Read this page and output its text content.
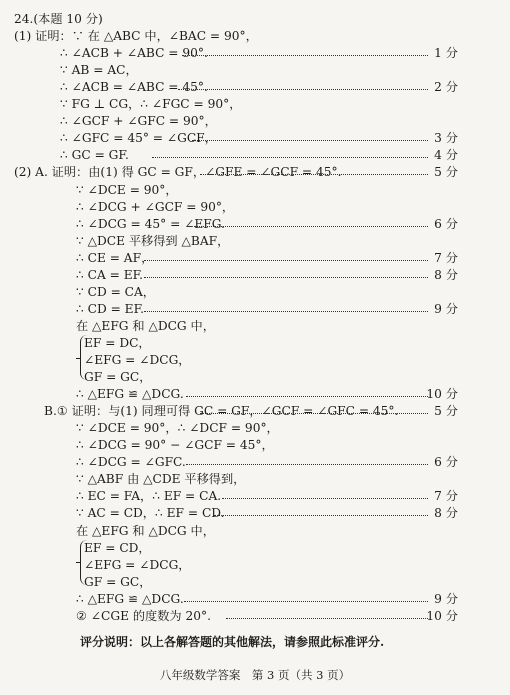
24.(本题 10 分)
(1) 证明：∵ 在 △ABC 中，∠BAC = 90°，
∴ ∠ACB + ∠ABC = 90°.	1 分
∵ AB = AC，
∴ ∠ACB = ∠ABC = 45°.	2 分
∵ FG ⊥ CG，∴ ∠FGC = 90°，
∴ ∠GCF + ∠GFC = 90°，
∴ ∠GFC = 45° = ∠GCF，	3 分
∴ GC = GF.	4 分
(2) A. 证明：由(1) 得 GC = GF，∠GFE = ∠GCF = 45°.	5 分
∵ ∠DCE = 90°，
∴ ∠DCG + ∠GCF = 90°，
∴ ∠DCG = 45° = ∠EFG.	6 分
∵ △DCE 平移得到 △BAF，
∴ CE = AF，	7 分
∴ CA = EF.	8 分
∵ CD = CA，
∴ CD = EF.	9 分
在 △EFG 和 △DCG 中，
EF = DC，
∠EFG = ∠DCG，
GF = GC，
∴ △EFG ≌ △DCG.	10 分
B.① 证明：与(1) 同理可得 GC = GF，∠GCF = ∠GFC = 45°.	5 分
∵ ∠DCE = 90°，∴ ∠DCF = 90°，
∴ ∠DCG = 90° − ∠GCF = 45°，
∴ ∠DCG = ∠GFC.	6 分
∵ △ABF 由 △CDE 平移得到，
∴ EC = FA，∴ EF = CA.	7 分
∵ AC = CD，∴ EF = CD.	8 分
在 △EFG 和 △DCG 中，
EF = CD，
∠EFG = ∠DCG，
GF = GC，
∴ △EFG ≌ △DCG.	9 分
② ∠CGE 的度数为 20°.	10 分
评分说明：以上各解答题的其他解法，请参照此标准评分.
八年级数学答案　第 3 页（共 3 页）
